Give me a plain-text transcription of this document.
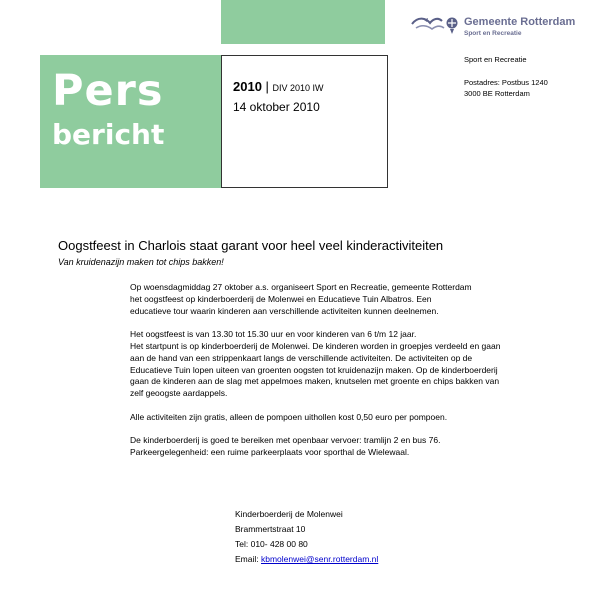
Pers
bericht
2010 | DIV 2010 IW
14 oktober 2010
Gemeente Rotterdam
Sport en Recreatie
Sport en Recreatie
Postadres: Postbus 1240
3000 BE Rotterdam
Oogstfeest in Charlois staat garant voor heel veel kinderactiviteiten
Van kruidenazijn maken tot chips bakken!

Op woensdagmiddag 27 oktober a.s. organiseert Sport en Recreatie, gemeente Rotterdam
het oogstfeest op kinderboerderij de Molenwei en Educatieve Tuin Albatros. Een
educatieve tour waarin kinderen aan verschillende activiteiten kunnen deelnemen.

Het oogstfeest is van 13.30 tot 15.30 uur en voor kinderen van 6 t/m 12 jaar.
Het startpunt is op kinderboerderij de Molenwei. De kinderen worden in groepjes verdeeld en gaan
aan de hand van een strippenkaart langs de verschillende activiteiten. De activiteiten op de
Educatieve Tuin lopen uiteen van groenten oogsten tot kruidenazijn maken. Op de kinderboerderij
gaan de kinderen aan de slag met appelmoes maken, knutselen met groente en chips bakken van
zelf geoogste aardappels.

Alle activiteiten zijn gratis, alleen de pompoen uithollen kost 0,50 euro per pompoen.

De kinderboerderij is goed te bereiken met openbaar vervoer: tramlijn 2 en bus 76.
Parkeergelegenheid: een ruime parkeerplaats voor sporthal de Wielewaal.

Kinderboerderij de Molenwei
Brammertstraat 10
Tel: 010- 428 00 80
Email: kbmolenwei@senr.rotterdam.nl
